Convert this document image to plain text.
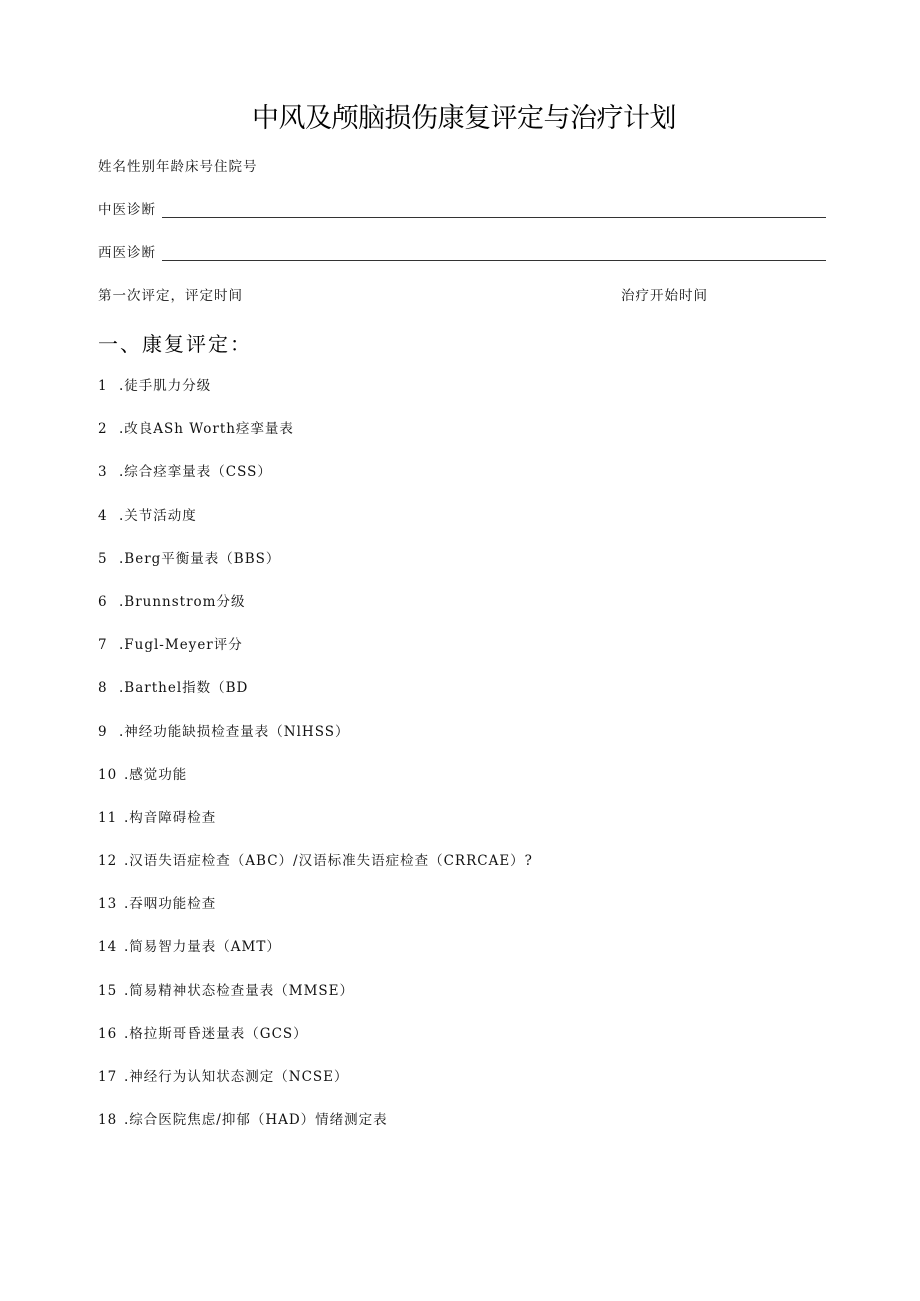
中风及颅脑损伤康复评定与治疗计划
姓名性别年龄床号住院号
中医诊断
西医诊断
第一次评定，评定时间	治疗开始时间
一、康复评定：
1 .徒手肌力分级
2 .改良ASh Worth痉挛量表
3 .综合痉挛量表（CSS）
4 .关节活动度
5 .Berg平衡量表（BBS）
6 .Brunnstrom分级
7 .Fugl-Meyer评分
8 .Barthel指数（BD
9 .神经功能缺损检查量表（NlHSS）
10 .感觉功能
11 .构音障碍检查
12 .汉语失语症检查（ABC）/汉语标准失语症检查（CRRCAE）?
13 .吞咽功能检查
14 .简易智力量表（AMT）
15 .简易精神状态检查量表（MMSE）
16 .格拉斯哥昏迷量表（GCS）
17 .神经行为认知状态测定（NCSE）
18 .综合医院焦虑/抑郁（HAD）情绪测定表
